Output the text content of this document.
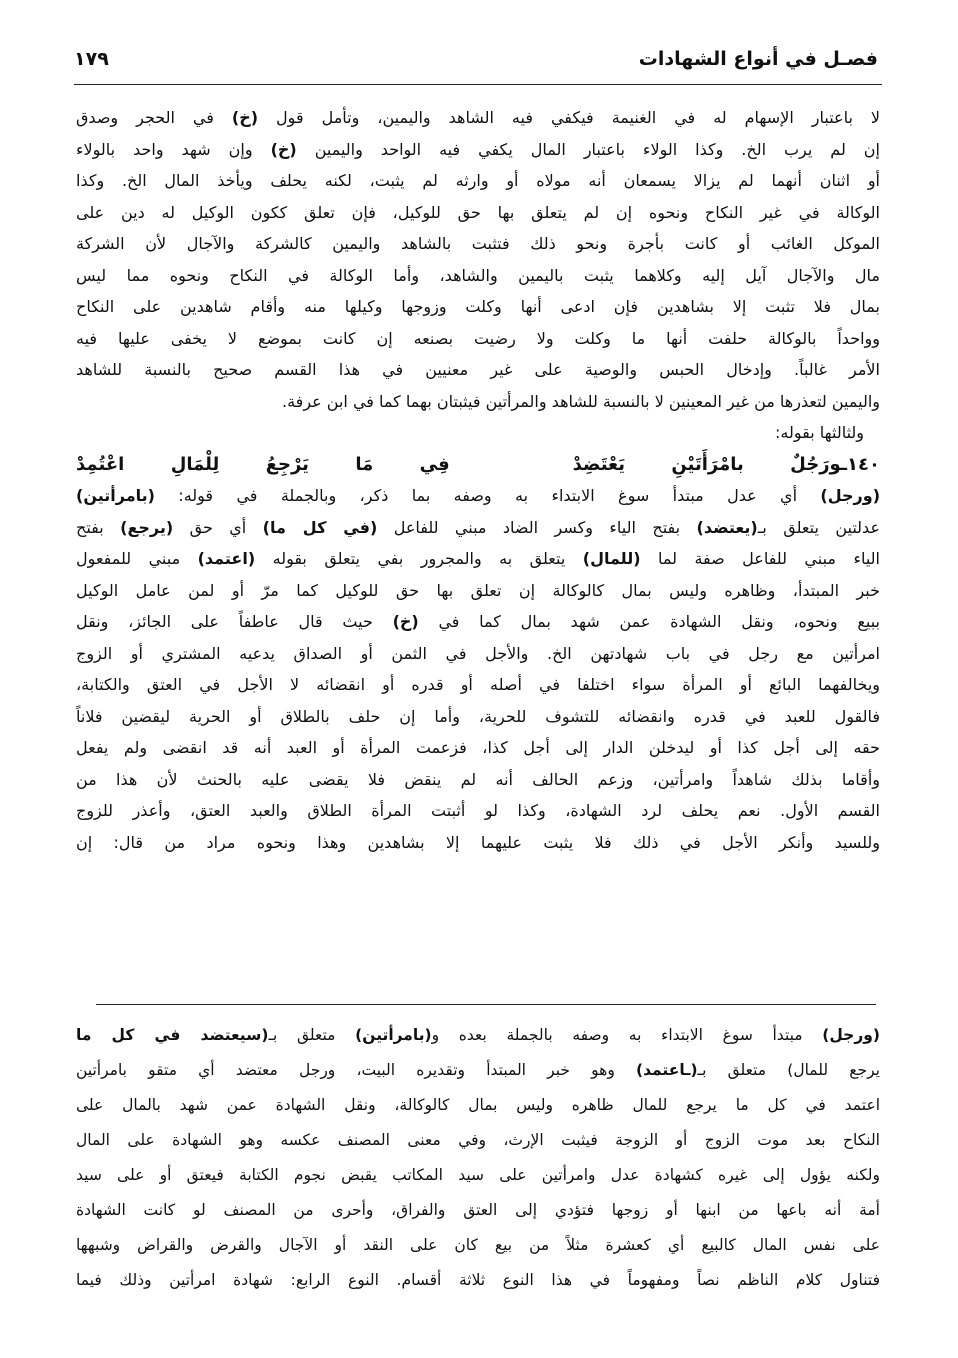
فصـل في أنواع الشهادات
١٧٩
لا باعتبار الإسهام له في الغنيمة فيكفي فيه الشاهد واليمين، وتأمل قول (خ) في الحجر وصدق
إن لم يرب الخ. وكذا الولاء باعتبار المال يكفي فيه الواحد واليمين (خ) وإن شهد واحد بالولاء
أو اثنان أنهما لم يزالا يسمعان أنه مولاه أو وارثه لم يثبت، لكنه يحلف ويأخذ المال الخ. وكذا
الوكالة في غير النكاح ونحوه إن لم يتعلق بها حق للوكيل، فإن تعلق ككون الوكيل له دين على
الموكل الغائب أو كانت بأجرة ونحو ذلك فتثبت بالشاهد واليمين كالشركة والآجال لأن الشركة
مال والآجال آيل إليه وكلاهما يثبت باليمين والشاهد، وأما الوكالة في النكاح ونحوه مما ليس
بمال فلا تثبت إلا بشاهدين فإن ادعى أنها وكلت وزوجها وكيلها منه وأقام شاهدين على النكاح
وواحداً بالوكالة حلفت أنها ما وكلت ولا رضيت بصنعه إن كانت بموضع لا يخفى عليها فيه
الأمر غالباً. وإدخال الحبس والوصية على غير معنيين في هذا القسم صحيح بالنسبة للشاهد
واليمين لتعذرها من غير المعينين لا بالنسبة للشاهد والمرأتين فيثبتان بهما كما في ابن عرفة.
ولثالثها بقوله:
١٤٠ـورَجُلٌ بامْرَأَتَيْنِ يَعْتَضِدْ  فِي مَا يَرْجِعُ لِلْمَالِ اعْتُمِدْ
(ورجل) أي عدل مبتدأ سوغ الابتداء به وصفه بما ذكر، وبالجملة في قوله: (بامرأتين)
عدلتين يتعلق بـ(يعتضد) بفتح الياء وكسر الضاد مبني للفاعل (في كل ما) أي حق (يرجع) بفتح
الياء مبني للفاعل صفة لما (للمال) يتعلق به والمجرور بفي يتعلق بقوله (اعتمد) مبني للمفعول
خبر المبتدأ، وظاهره وليس بمال كالوكالة إن تعلق بها حق للوكيل كما مرّ أو لمن عامل الوكيل
ببيع ونحوه، ونقل الشهادة عمن شهد بمال كما في (خ) حيث قال عاطفاً على الجائز، ونقل
امرأتين مع رجل في باب شهادتهن الخ. والأجل في الثمن أو الصداق يدعيه المشتري أو الزوج
ويخالفهما البائع أو المرأة سواء اختلفا في أصله أو قدره أو انقضائه لا الأجل في العتق والكتابة،
فالقول للعبد في قدره وانقضائه للتشوف للحرية، وأما إن حلف بالطلاق أو الحرية ليقضين فلاناً
حقه إلى أجل كذا أو ليدخلن الدار إلى أجل كذا، فزعمت المرأة أو العبد أنه قد انقضى ولم يفعل
وأقاما بذلك شاهداً وامرأتين، وزعم الحالف أنه لم ينقض فلا يقضى عليه بالحنث لأن هذا من
القسم الأول. نعم يحلف لرد الشهادة، وكذا لو أثبتت المرأة الطلاق والعبد العتق، وأعذر للزوج
وللسيد وأنكر الأجل في ذلك فلا يثبت عليهما إلا بشاهدين وهذا ونحوه مراد من قال: إن
(ورجل) مبتدأ سوغ الابتداء به وصفه بالجملة بعده و(بامرأتين) متعلق بـ(سيعتضد في كل ما
يرجع للمال) متعلق بـ(ـاعتمد) وهو خبر المبتدأ وتقديره البيت، ورجل معتضد أي متقو بامرأتين
اعتمد في كل ما يرجع للمال ظاهره وليس بمال كالوكالة، ونقل الشهادة عمن شهد بالمال على
النكاح بعد موت الزوج أو الزوجة فيثبت الإرث، وفي معنى المصنف عكسه وهو الشهادة على المال
ولكنه يؤول إلى غيره كشهادة عدل وامرأتين على سيد المكاتب يقبض نجوم الكتابة فيعتق أو على سيد
أمة أنه باعها من ابنها أو زوجها فتؤدي إلى العتق والفراق، وأحرى من المصنف لو كانت الشهادة
على نفس المال كالبيع أي كعشرة مثلاً من بيع كان على النقد أو الآجال والقرض والقراض وشبهها
فتناول كلام الناظم نصاً ومفهوماً في هذا النوع ثلاثة أقسام. النوع الرابع: شهادة امرأتين وذلك فيما
